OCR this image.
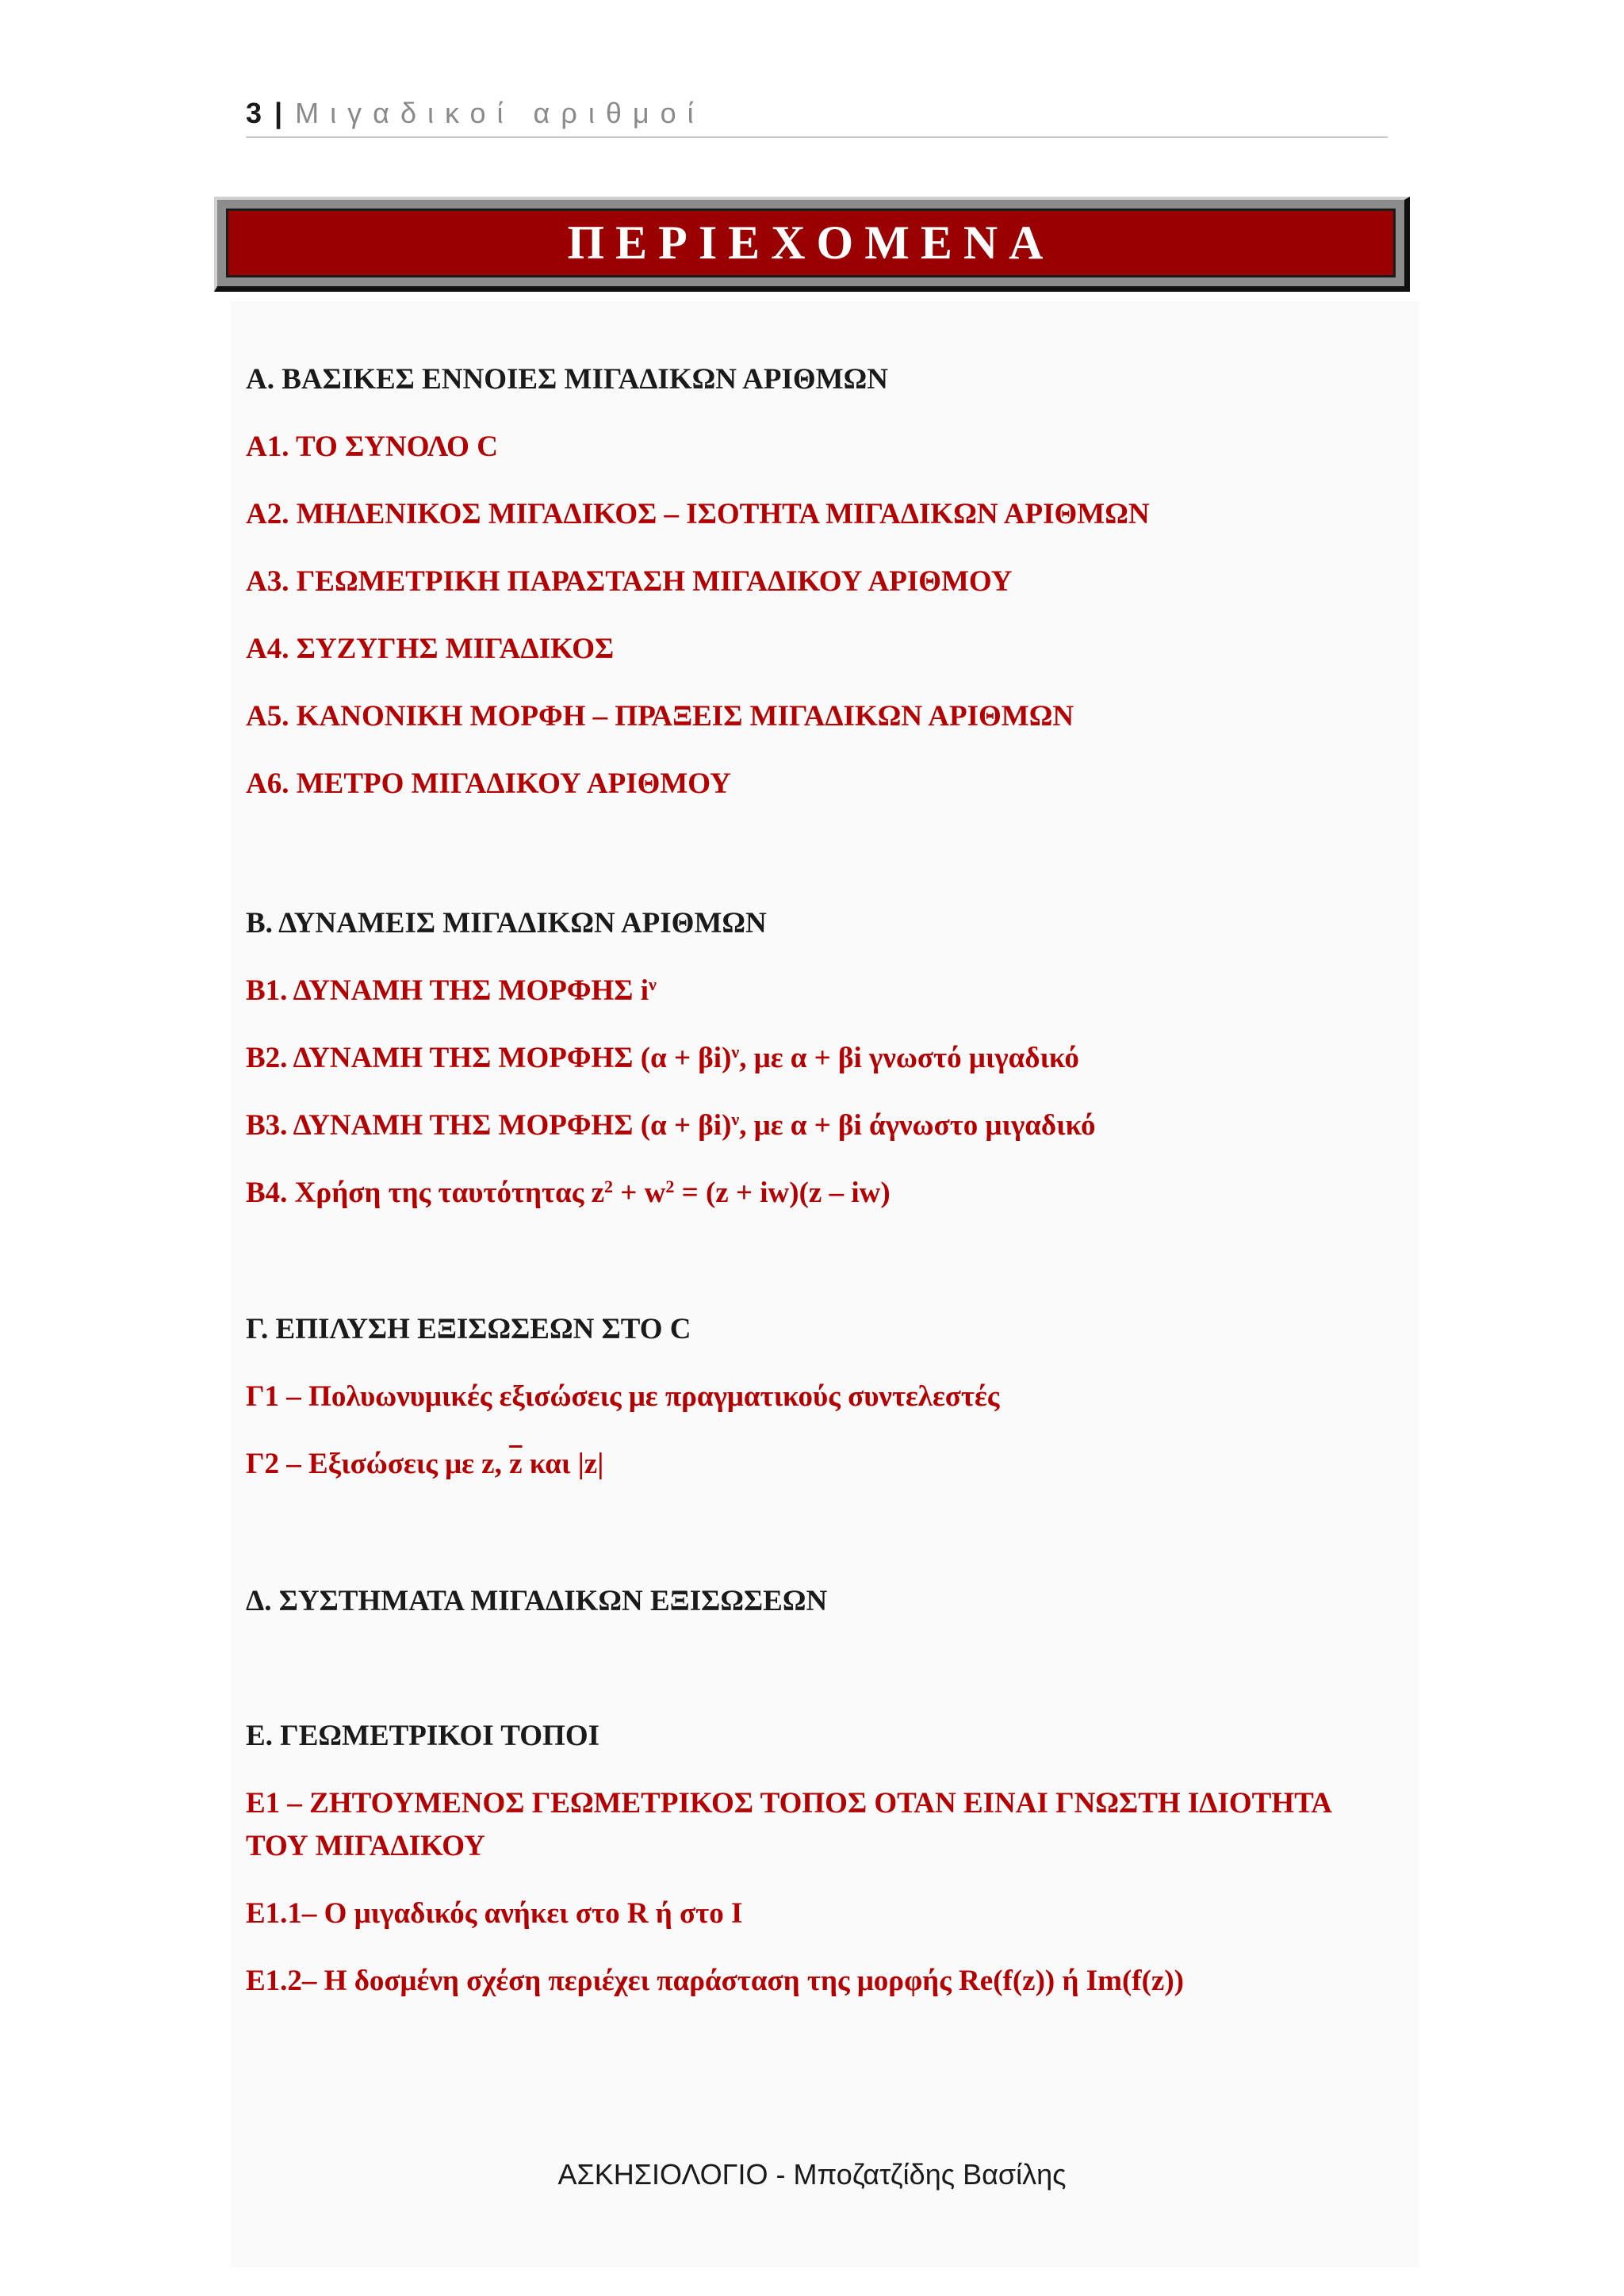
3 | Μιγαδικοί αριθμοί
ΠΕΡΙΕΧΟΜΕΝΑ
Α. ΒΑΣΙΚΕΣ ΕΝΝΟΙΕΣ ΜΙΓΑΔΙΚΩΝ ΑΡΙΘΜΩΝ
Α1. ΤΟ ΣΥΝΟΛΟ C
Α2. ΜΗΔΕΝΙΚΟΣ ΜΙΓΑΔΙΚΟΣ – ΙΣΟΤΗΤΑ ΜΙΓΑΔΙΚΩΝ ΑΡΙΘΜΩΝ
Α3. ΓΕΩΜΕΤΡΙΚΗ ΠΑΡΑΣΤΑΣΗ ΜΙΓΑΔΙΚΟΥ ΑΡΙΘΜΟΥ
Α4. ΣΥΖΥΓΗΣ ΜΙΓΑΔΙΚΟΣ
Α5. ΚΑΝΟΝΙΚΗ ΜΟΡΦΗ – ΠΡΑΞΕΙΣ ΜΙΓΑΔΙΚΩΝ ΑΡΙΘΜΩΝ
Α6. ΜΕΤΡΟ ΜΙΓΑΔΙΚΟΥ ΑΡΙΘΜΟΥ
Β. ΔΥΝΑΜΕΙΣ ΜΙΓΑΔΙΚΩΝ ΑΡΙΘΜΩΝ
Β1. ΔΥΝΑΜΗ ΤΗΣ ΜΟΡΦΗΣ $i^\nu$
Β2. ΔΥΝΑΜΗ ΤΗΣ ΜΟΡΦΗΣ $(\alpha + \beta i)^\nu$, με α + βi γνωστό μιγαδικό
Β3. ΔΥΝΑΜΗ ΤΗΣ ΜΟΡΦΗΣ $(\alpha + \beta i)^\nu$, με α + βi άγνωστο μιγαδικό
Β4. Χρήση της ταυτότητας $z^2 + w^2 = (z + iw)(z - iw)$
Γ. ΕΠΙΛΥΣΗ ΕΞΙΣΩΣΕΩΝ ΣΤΟ C
Γ1 – Πολυωνυμικές εξισώσεις με πραγματικούς συντελεστές
Γ2 – Εξισώσεις με z, $\overline{z}$ και |z|
Δ. ΣΥΣΤΗΜΑΤΑ ΜΙΓΑΔΙΚΩΝ ΕΞΙΣΩΣΕΩΝ
Ε. ΓΕΩΜΕΤΡΙΚΟΙ ΤΟΠΟΙ
Ε1 – ΖΗΤΟΥΜΕΝΟΣ ΓΕΩΜΕΤΡΙΚΟΣ ΤΟΠΟΣ ΟΤΑΝ ΕΙΝΑΙ ΓΝΩΣΤΗ ΙΔΙΟΤΗΤΑ ΤΟΥ ΜΙΓΑΔΙΚΟΥ
Ε1.1– Ο μιγαδικός ανήκει στο R ή στο Ι
Ε1.2– Η δοσμένη σχέση περιέχει παράσταση της μορφής Re(f(z)) ή Im(f(z))
ΑΣΚΗΣΙΟΛΟΓΙΟ - Μποζατζίδης Βασίλης
